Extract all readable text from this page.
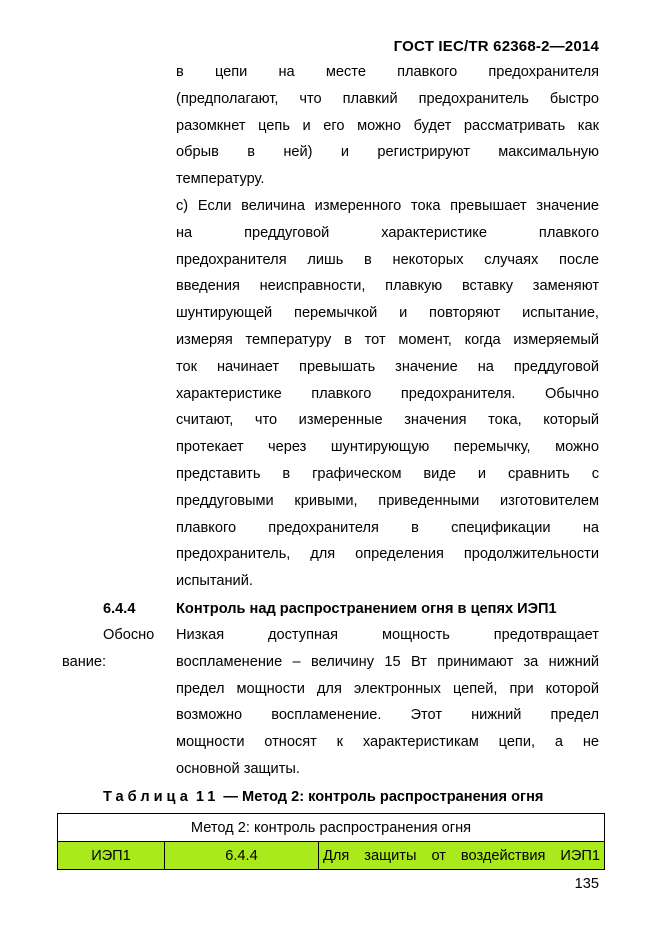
ГОСТ IEC/TR 62368-2—2014
в цепи на месте плавкого предохранителя
(предполагают, что плавкий предохранитель быстро
разомкнет цепь и его можно будет рассматривать как
обрыв в ней) и регистрируют максимальную
температуру.
с) Если величина измеренного тока превышает значение
на преддуговой характеристике плавкого
предохранителя лишь в некоторых случаях после
введения неисправности, плавкую вставку заменяют
шунтирующей перемычкой и повторяют испытание,
измеряя температуру в тот момент, когда измеряемый
ток начинает превышать значение на преддуговой
характеристике плавкого предохранителя. Обычно
считают, что измеренные значения тока, который
протекает через шунтирующую перемычку, можно
представить в графическом виде и сравнить с
преддуговыми кривыми, приведенными изготовителем
плавкого предохранителя в спецификации на
предохранитель, для определения продолжительности
испытаний.
6.4.4	Контроль над распространением огня в цепях ИЭП1
Обосно
вание:
Низкая доступная мощность предотвращает
воспламенение – величину 15 Вт принимают за нижний
предел мощности для электронных цепей, при которой
возможно воспламенение. Этот нижний предел
мощности относят к характеристикам цепи, а не
основной защиты.
Таблица 11 — Метод 2: контроль распространения огня
Метод 2: контроль распространения огня
ИЭП1	6.4.4	Для защиты от воздействия ИЭП1
135
